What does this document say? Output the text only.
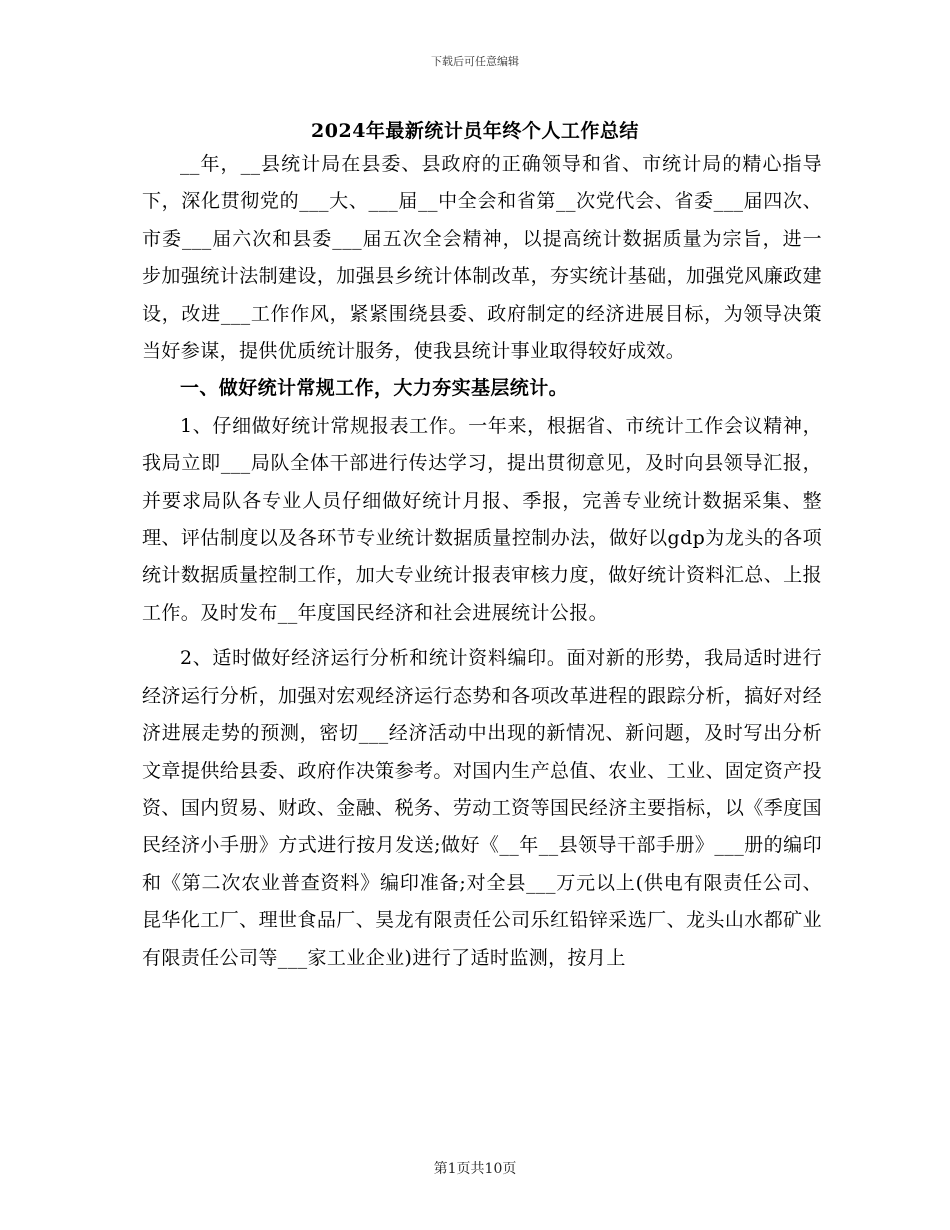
下载后可任意编辑
2024年最新统计员年终个人工作总结

__年，__县统计局在县委、县政府的正确领导和省、市统计局的精心指导下，深化贯彻党的___大、___届__中全会和省第__次党代会、省委___届四次、市委___届六次和县委___届五次全会精神，以提高统计数据质量为宗旨，进一步加强统计法制建设，加强县乡统计体制改革，夯实统计基础，加强党风廉政建设，改进___工作作风，紧紧围绕县委、政府制定的经济进展目标，为领导决策当好参谋，提供优质统计服务，使我县统计事业取得较好成效。

一、做好统计常规工作，大力夯实基层统计。

1、仔细做好统计常规报表工作。一年来，根据省、市统计工作会议精神，我局立即___局队全体干部进行传达学习，提出贯彻意见，及时向县领导汇报，并要求局队各专业人员仔细做好统计月报、季报，完善专业统计数据采集、整理、评估制度以及各环节专业统计数据质量控制办法，做好以gdp为龙头的各项统计数据质量控制工作，加大专业统计报表审核力度，做好统计资料汇总、上报工作。及时发布__年度国民经济和社会进展统计公报。

2、适时做好经济运行分析和统计资料编印。面对新的形势，我局适时进行经济运行分析，加强对宏观经济运行态势和各项改革进程的跟踪分析，搞好对经济进展走势的预测，密切___经济活动中出现的新情况、新问题，及时写出分析文章提供给县委、政府作决策参考。对国内生产总值、农业、工业、固定资产投资、国内贸易、财政、金融、税务、劳动工资等国民经济主要指标，以《季度国民经济小手册》方式进行按月发送;做好《__年__县领导干部手册》___册的编印和《第二次农业普查资料》编印准备;对全县___万元以上(供电有限责任公司、昆华化工厂、理世食品厂、昊龙有限责任公司乐红铅锌采选厂、龙头山水都矿业有限责任公司等___家工业企业)进行了适时监测，按月上

第1页共10页
